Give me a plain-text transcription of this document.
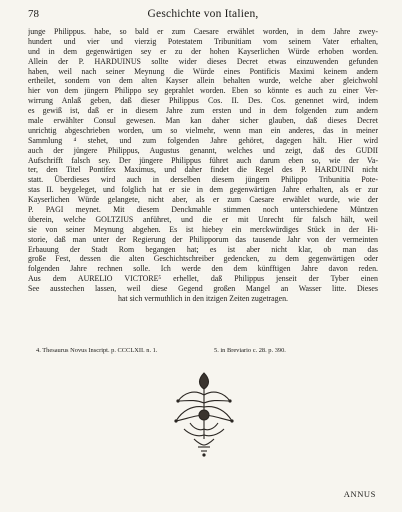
78	Geschichte von Italien,
junge Philippus. habe, so bald er zum Caesare erwählet worden, in dem Jahre zwey-
hundert und vier und vierzig Potestatem Tribunitiam vom seinem Vater erhalten,
und in dem gegenwärtigen sey er zu der hohen Kayserlichen Würde erhoben worden.
Allein der P. HARDUINUS sollte wider dieses Decret etwas einzuwenden gefunden
haben, weil nach seiner Meynung die Würde eines Pontificis Maximi keinem andern
ertheilet, sondern von dem alten Kayser allein behalten wurde, welche aber gleichwohl
hier von dem jüngern Philippo sey geprahlet worden. Eben so könnte es auch zu einer Ver-
wirrung Anlaß geben, daß dieser Philippus Cos. II. Des. Cos. genennet wird, indem
es gewiß ist, daß er in diesem Jahre zum ersten und in dem folgenden zum andern
male erwählter Consul gewesen. Man kan daher sicher glauben, daß dieses Decret
unrichtig abgeschrieben worden, um so vielmehr, wenn man ein anderes, das in meiner
Sammlung ⁴ stehet, und zum folgenden Jahre gehöret, dagegen hält. Hier wird
auch der jüngere Philippus, Augustus genannt, welches und zeigt, daß des GUDII
Aufschrifft falsch sey. Der jüngere Philippus führet auch darum eben so, wie der Va-
ter, den Titel Pontifex Maximus, und daher findet die Regel des P. HARDUINI nicht
statt. Überdieses wird auch in derselben diesem jüngern Philippo Tribunitia Pote-
stas II. beygeleget, und folglich hat er sie in dem gegenwärtigen Jahre erhalten, als er zur
Kayserlichen Würde gelangete, nicht aber, als er zum Caesare erwählet wurde, wie der
P. PAGI meynet. Mit diesem Denckmahle stimmen noch unterschiedene Müntzen
überein, welche GOLTZIUS anführet, und die er mit Unrecht für falsch hält, weil
sie von seiner Meynung abgehen. Es ist hiebey ein merckwürdiges Stück in der Hi-
storie, daß man unter der Regierung der Philipporum das tausende Jahr von der vermeinten
Erbauung der Stadt Rom begangen hat; es ist aber nicht klar, ob man das
große Fest, dessen die alten Geschichtschreiber gedencken, zu dem gegenwärtigen oder
folgenden Jahre rechnen solle. Ich werde den dem künfftigen Jahre davon reden.
Aus dem AURELIO VICTORE⁵ erhellet, daß Philippus jenseit der Tyber einen
See ausstechen lassen, weil diese Gegend großen Mangel an Wasser litte. Dieses
hat sich vermuthlich in den itzigen Zeiten zugetragen.
4. Thesaurus Novus Inscript. p. CCCLXII. n. 1.	5. in Breviario c. 28. p. 390.
ANNUS
